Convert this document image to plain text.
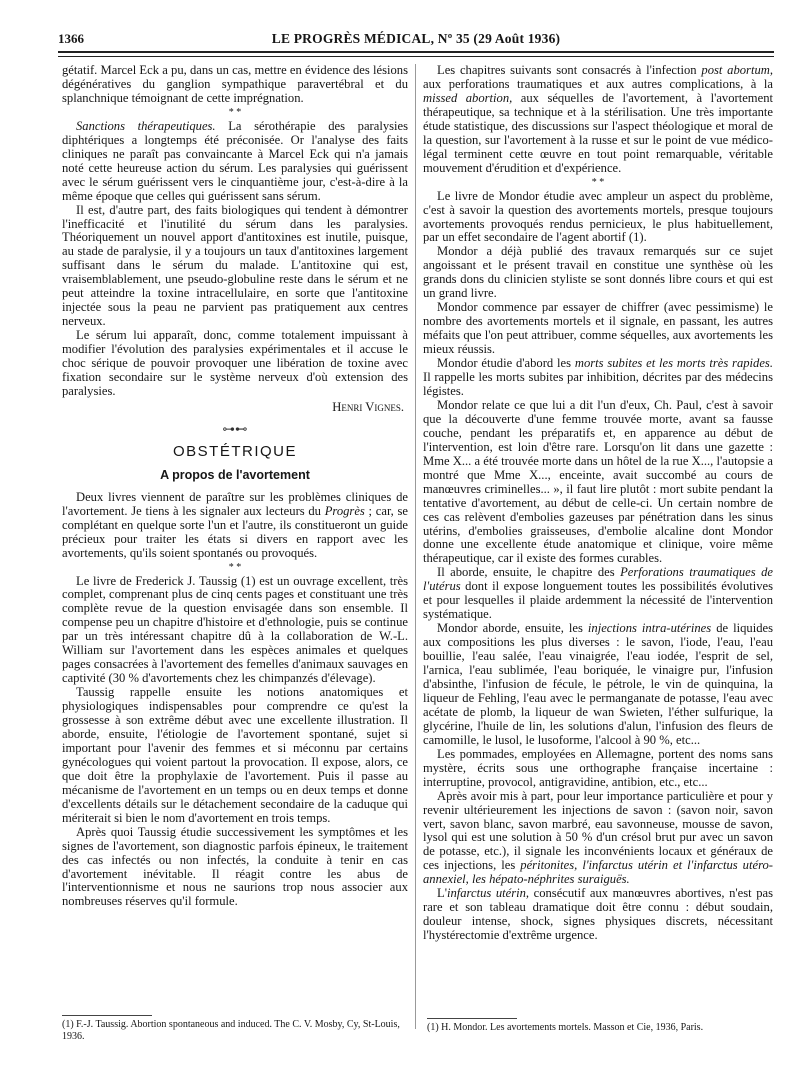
1366	LE PROGRÈS MÉDICAL, Nº 35 (29 Août 1936)

gétatif. Marcel Eck a pu, dans un cas, mettre en évidence des lésions dégénératives du ganglion sympathique paravertébral et du splanchnique témoignant de cette imprégnation.

* *

Sanctions thérapeutiques. La sérothérapie des paralysies diphtériques a longtemps été préconisée. Or l'analyse des faits cliniques ne paraît pas convaincante à Marcel Eck qui n'a jamais noté cette heureuse action du sérum. Les paralysies qui guérissent avec le sérum guérissent vers le cinquantième jour, c'est-à-dire à la même époque que celles qui guérissent sans sérum.

Il est, d'autre part, des faits biologiques qui tendent à démontrer l'inefficacité et l'inutilité du sérum dans les paralysies. Théoriquement un nouvel apport d'antitoxines est inutile, puisque, au stade de paralysie, il y a toujours un taux d'antitoxines largement suffisant dans le sérum du malade. L'antitoxine qui est, vraisemblablement, une pseudo-globuline reste dans le sérum et ne peut atteindre la toxine intracellulaire, en sorte que l'antitoxine injectée sous la peau ne parvient pas pratiquement aux centres nerveux.

Le sérum lui apparaît, donc, comme totalement impuissant à modifier l'évolution des paralysies expérimentales et il accuse le choc sérique de pouvoir provoquer une libération de toxine avec fixation secondaire sur le système nerveux d'où extension des paralysies.

Henri Vignes.
⊶⊷
OBSTÉTRIQUE
A propos de l'avortement

Deux livres viennent de paraître sur les problèmes cliniques de l'avortement. Je tiens à les signaler aux lecteurs du Progrès ; car, se complétant en quelque sorte l'un et l'autre, ils constitueront un guide précieux pour traiter les états si divers en rapport avec les avortements, qu'ils soient spontanés ou provoqués.

* *

Le livre de Frederick J. Taussig (1) est un ouvrage excellent, très complet, comprenant plus de cinq cents pages et constituant une très complète revue de la question envisagée dans son ensemble. Il compense peu un chapitre d'histoire et d'ethnologie, puis se continue par un très intéressant chapitre dû à la collaboration de W.-L. William sur l'avortement dans les espèces animales et quelques pages consacrées à l'avortement des femelles d'animaux sauvages en captivité (30 % d'avortements chez les chimpanzés d'élevage).

Taussig rappelle ensuite les notions anatomiques et physiologiques indispensables pour comprendre ce qu'est la grossesse à son extrême début avec une excellente illustration. Il aborde, ensuite, l'étiologie de l'avortement spontané, sujet si important pour l'avenir des femmes et si méconnu par certains gynécologues qui voient partout la provocation. Il expose, alors, ce que doit être la prophylaxie de l'avortement. Puis il passe au mécanisme de l'avortement en un temps ou en deux temps et donne d'excellents détails sur le détachement secondaire de la caduque qui mériterait si bien le nom d'avortement en trois temps.

Après quoi Taussig étudie successivement les symptômes et les signes de l'avortement, son diagnostic parfois épineux, le traitement des cas infectés ou non infectés, la conduite à tenir en cas d'avortement inévitable. Il réagit contre les abus de l'interventionnisme et nous ne saurions trop nous associer aux nombreuses réserves qu'il formule.

(1) F.-J. Taussig. Abortion spontaneous and induced. The C. V. Mosby, Cy, St-Louis, 1936.

Les chapitres suivants sont consacrés à l'infection post abortum, aux perforations traumatiques et aux autres complications, à la missed abortion, aux séquelles de l'avortement, à l'avortement thérapeutique, sa technique et à la stérilisation. Une très importante étude statistique, des discussions sur l'aspect théologique et moral de la question, sur l'avortement à la russe et sur le point de vue médico-légal terminent cette œuvre en tout point remarquable, véritable mouvement d'érudition et d'expérience.

* *

Le livre de Mondor étudie avec ampleur un aspect du problème, c'est à savoir la question des avortements mortels, presque toujours avortements provoqués rendus pernicieux, le plus habituellement, par un effet secondaire de l'agent abortif (1).

Mondor a déjà publié des travaux remarqués sur ce sujet angoissant et le présent travail en constitue une synthèse où les grands dons du clinicien styliste se sont donnés libre cours et qui est un grand livre.

Mondor commence par essayer de chiffrer (avec pessimisme) le nombre des avortements mortels et il signale, en passant, les autres méfaits que l'on peut attribuer, comme séquelles, aux avortements les mieux réussis.

Mondor étudie d'abord les morts subites et les morts très rapides. Il rappelle les morts subites par inhibition, décrites par des médecins légistes.

Mondor relate ce que lui a dit l'un d'eux, Ch. Paul, c'est à savoir que la découverte d'une femme trouvée morte, avant sa fausse couche, pendant les préparatifs et, en apparence au début de l'intervention, est loin d'être rare. Lorsqu'on lit dans une gazette : Mme X... a été trouvée morte dans un hôtel de la rue X..., l'autopsie a montré que Mme X..., enceinte, avait succombé au cours de manœuvres criminelles... », il faut lire plutôt : mort subite pendant la tentative d'avortement, au début de celle-ci. Un certain nombre de ces cas relèvent d'embolies gazeuses par pénétration dans les sinus utérins, d'embolies graisseuses, d'embolie alcaline dont Mondor donne une excellente étude anatomique et clinique, voire même thérapeutique, car il existe des formes curables.

Il aborde, ensuite, le chapitre des Perforations traumatiques de l'utérus dont il expose longuement toutes les possibilités évolutives et pour lesquelles il plaide ardemment la nécessité de l'intervention systématique.

Mondor aborde, ensuite, les injections intra-utérines de liquides aux compositions les plus diverses : le savon, l'iode, l'eau, l'eau bouillie, l'eau salée, l'eau vinaigrée, l'eau iodée, l'esprit de sel, l'arnica, l'eau sublimée, l'eau boriquée, le vinaigre pur, l'infusion d'absinthe, l'infusion de fécule, le pétrole, le vin de quinquina, la liqueur de Fehling, l'eau avec le permanganate de potasse, l'eau avec acétate de plomb, la liqueur de wan Swieten, l'éther sulfurique, la glycérine, l'huile de lin, les solutions d'alun, l'infusion des fleurs de camomille, le lusol, le lusoforme, l'alcool à 90 %, etc...

Les pommades, employées en Allemagne, portent des noms sans mystère, écrits sous une orthographe française incertaine : interruptine, provocol, antigravidine, antibion, etc., etc...

Après avoir mis à part, pour leur importance particulière et pour y revenir ultérieurement les injections de savon : (savon noir, savon vert, savon blanc, savon marbré, eau savonneuse, mousse de savon, lysol qui est une solution à 50 % d'un crésol brut pur avec un savon de potasse, etc.), il signale les inconvénients locaux et généraux de ces injections, les péritonites, l'infarctus utérin et l'infarctus utéro-annexiel, les hépato-néphrites suraiguës.

L'infarctus utérin, consécutif aux manœuvres abortives, n'est pas rare et son tableau dramatique doit être connu : début soudain, douleur intense, shock, signes physiques discrets, nécessitant l'hystérectomie d'extrême urgence.

(1) H. Mondor. Les avortements mortels. Masson et Cie, 1936, Paris.
